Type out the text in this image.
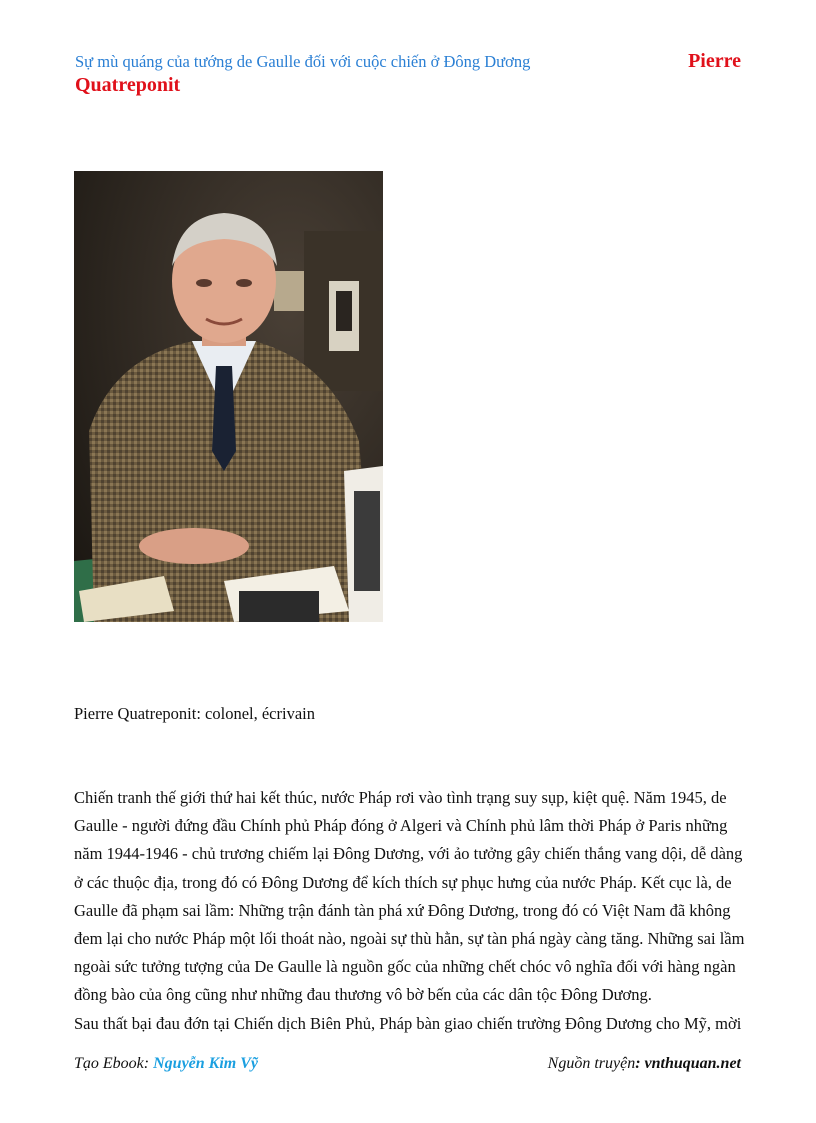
Sự mù quáng của tướng de Gaulle đối với cuộc chiến ở Đông Dương	Pierre
Quatreponit
Pierre Quatreponit: colonel, écrivain

Chiến tranh thế giới thứ hai kết thúc, nước Pháp rơi vào tình trạng suy sụp, kiệt quệ. Năm 1945, de Gaulle - người đứng đầu Chính phủ Pháp đóng ở Algeri và Chính phủ lâm thời Pháp ở Paris những năm 1944-1946 - chủ trương chiếm lại Đông Dương, với ảo tưởng gây chiến thắng vang dội, dễ dàng ở các thuộc địa, trong đó có Đông Dương để kích thích sự phục hưng của nước Pháp. Kết cục là, de Gaulle đã phạm sai lầm: Những trận đánh tàn phá xứ Đông Dương, trong đó có Việt Nam đã không đem lại cho nước Pháp một lối thoát nào, ngoài sự thù hằn, sự tàn phá ngày càng tăng. Những sai lầm ngoài sức tưởng tượng của De Gaulle là nguồn gốc của những chết chóc vô nghĩa đối với hàng ngàn đồng bào của ông cũng như những đau thương vô bờ bến của các dân tộc Đông Dương.

Sau thất bại đau đớn tại Chiến dịch Biên Phủ, Pháp bàn giao chiến trường Đông Dương cho Mỹ, mời

Tạo Ebook: Nguyễn Kim Vỹ	Nguồn truyện: vnthuquan.net
